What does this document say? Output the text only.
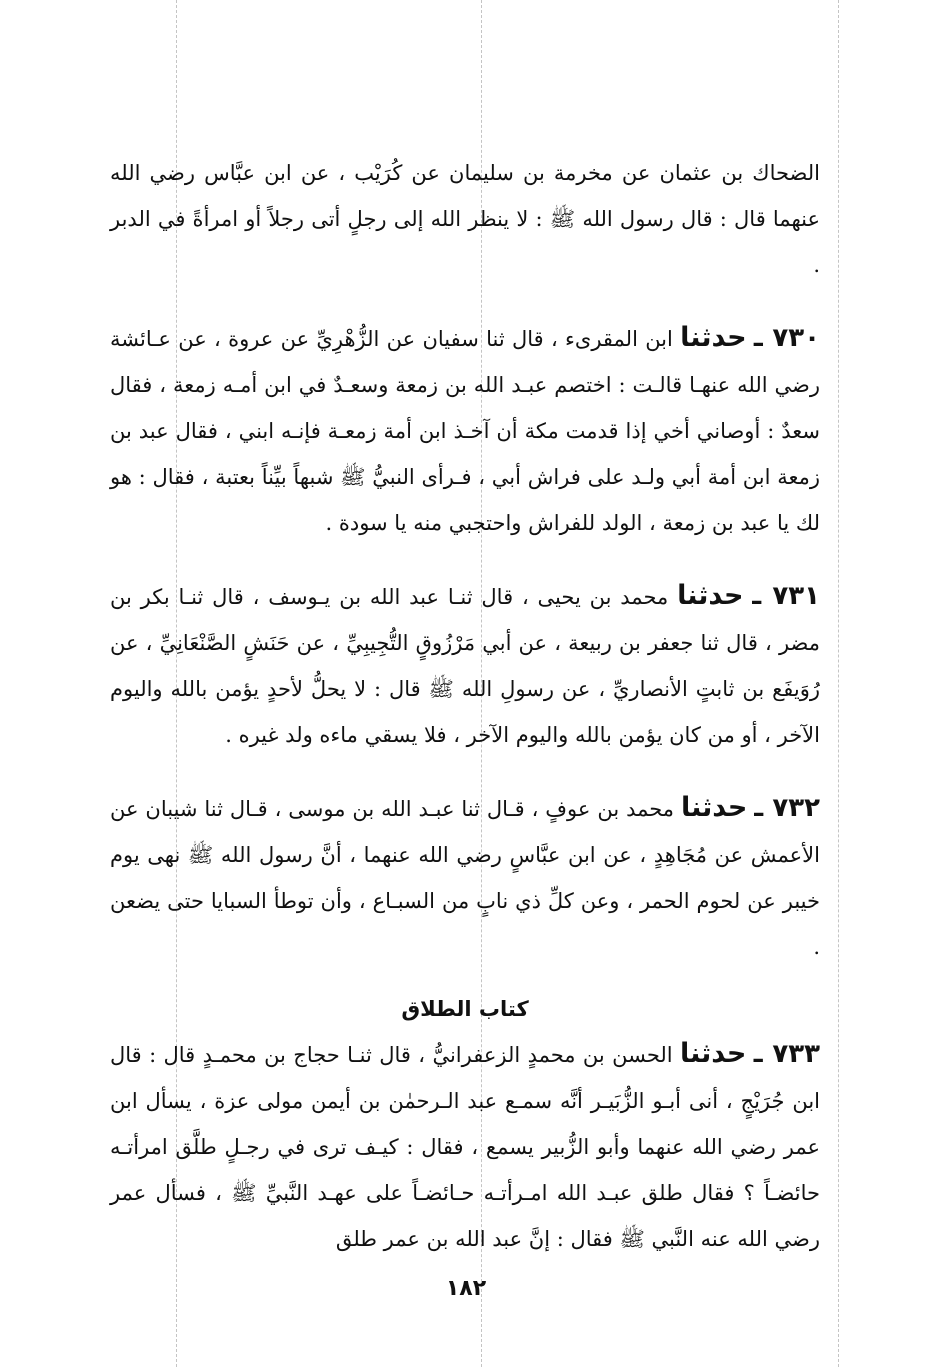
الضحاك بن عثمان عن مخرمة بن سليمان عن كُرَيْب ، عن ابن عبَّاس رضي الله عنهما قال : قال رسول الله ﷺ : لا ينظر الله إلى رجلٍ أتى رجلاً أو امرأةً في الدبر .

٧٣٠ ـ حدثنا ابن المقرىء ، قال ثنا سفيان عن الزُّهْرِيِّ عن عروة ، عن عـائشة رضي الله عنهـا قالـت : اختصم عبـد الله بن زمعة وسعـدٌ في ابن أمـه زمعة ، فقال سعدٌ : أوصاني أخي إذا قدمت مكة أن آخـذ ابن أمة زمعـة فإنـه ابني ، فقال عبد بن زمعة ابن أمة أبي ولـد على فراش أبي ، فـرأى النبيُّ ﷺ شبهاً بيِّناً بعتبة ، فقال : هو لك يا عبد بن زمعة ، الولد للفراش واحتجبي منه يا سودة .

٧٣١ ـ حدثنا محمد بن يحيى ، قال ثنـا عبد الله بن يـوسف ، قال ثنـا بكر بن مضر ، قال ثنا جعفر بن ربيعة ، عن أبي مَرْزُوقٍ التُّجِيبِيِّ ، عن حَنَشٍ الصَّنْعَانِيِّ ، عن رُوَيفَع بن ثابتٍ الأنصاريِّ ، عن رسولِ الله ﷺ قال : لا يحلُّ لأحدٍ يؤمن بالله واليوم الآخر ، أو من كان يؤمن بالله واليوم الآخر ، فلا يسقي ماءه ولد غيره .

٧٣٢ ـ حدثنا محمد بن عوفٍ ، قـال ثنا عبـد الله بن موسى ، قـال ثنا شيبان عن الأعمش عن مُجَاهِدٍ ، عن ابن عبَّاسٍ رضي الله عنهما ، أنَّ رسول الله ﷺ نهى يوم خيبر عن لحوم الحمر ، وعن كلِّ ذي نابٍ من السبـاع ، وأن توطأ السبايا حتى يضعن .

كتاب الطلاق

٧٣٣ ـ حدثنا الحسن بن محمدٍ الزعفرانيُّ ، قال ثنـا حجاج بن محمـدٍ قال : قال ابن جُرَيْجٍ ، أنى أبـو الزُّبَيـر أنَّه سمـع عبد الـرحمٰن بن أيمن مولى عزة ، يسأل ابن عمر رضي الله عنهما وأبو الزُّبير يسمع ، فقال : كيـف ترى في رجـلٍ طلَّق امرأتـه حائضـاً ؟ فقال طلق عبـد الله امـرأتـه حـائضـاً على عهـد النَّبيِّ ﷺ ، فسأل عمر رضي الله عنه النَّبي ﷺ فقال : إنَّ عبد الله بن عمر طلق

١٨٢
